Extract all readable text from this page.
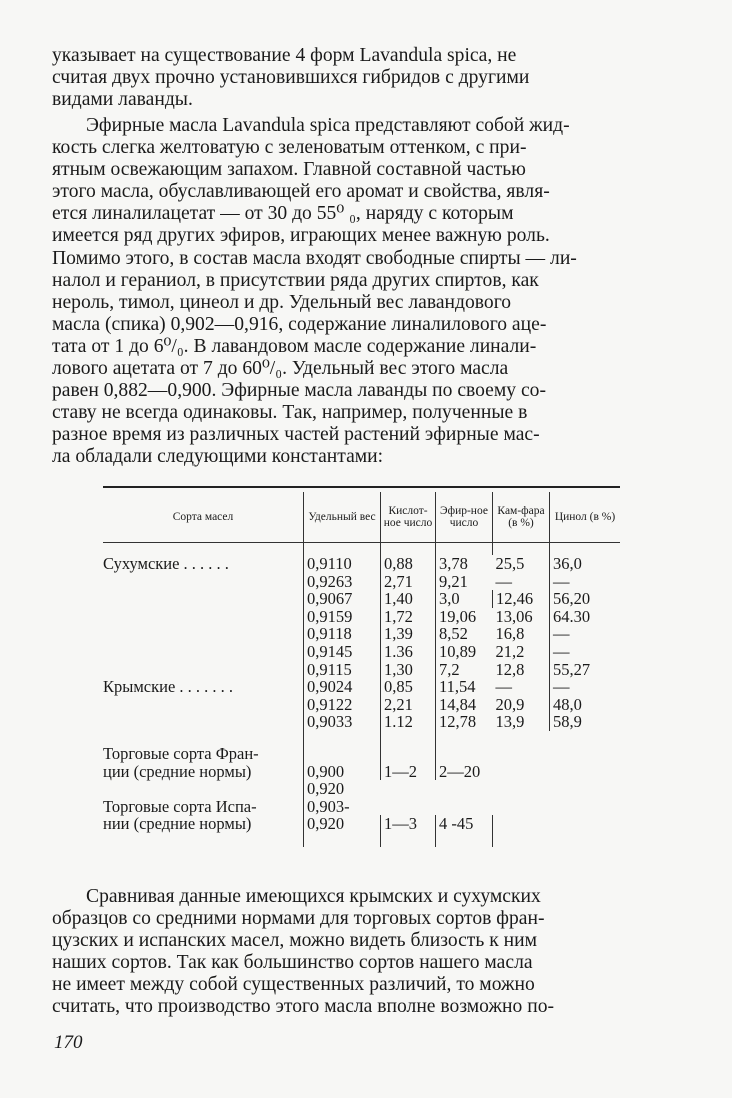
указывает на существование 4 форм Lavandula spica, не
считая двух прочно установившихся гибридов с другими
видами лаванды.
Эфирные масла Lavandula spica представляют собой жид-
кость слегка желтоватую с зеленоватым оттенком, с при-
ятным освежающим запахом. Главной составной частью
этого масла, обуславливающей его аромат и свойства, явля-
ется линалилацетат — от 30 до 55⁰ ₀, наряду с которым
имеется ряд других эфиров, играющих менее важную роль.
Помимо этого, в состав масла входят свободные спирты — ли-
налол и гераниол, в присутствии ряда других спиртов, как
нероль, тимол, цинеол и др. Удельный вес лавандового
масла (спика) 0,902—0,916, содержание линалилового аце-
тата от 1 до 6⁰/₀. В лавандовом масле содержание линали-
лового ацетата от 7 до 60⁰/₀. Удельный вес этого масла
равен 0,882—0,900. Эфирные масла лаванды по своему со-
ставу не всегда одинаковы. Так, например, полученные в
разное время из различных частей растений эфирные мас-
ла обладали следующими константами:
Сорта масел	Удельный вес	Кислот-ное число	Эфир-ное число	Кам-фара (в %)	Цинол (в %)

Сухумские . . . . . .	0,9110	0,88	3,78	25,5	36,0
	0,9263	2,71	9,21	—	—
	0,9067	1,40	3,0	12,46	56,20
	0,9159	1,72	19,06	13,06	64.30
	0,9118	1,39	8,52	16,8	—
	0,9145	1.36	10,89	21,2	—
	0,9115	1,30	7,2	12,8	55,27
Крымские . . . . . . .	0,9024	0,85	11,54	—	—
	0,9122	2,21	14,84	20,9	48,0
	0,9033	1.12	12,78	13,9	58,9

Торговые сорта Фран-					
ции (средние нормы)	0,900	1—2	2—20		
	0,920				
Торговые сорта Испа-	0,903-				
нии (средние нормы)	0,920	1—3	4 -45		

Сравнивая данные имеющихся крымских и сухумских
образцов со средними нормами для торговых сортов фран-
цузских и испанских масел, можно видеть близость к ним
наших сортов. Так как большинство сортов нашего масла
не имеет между собой существенных различий, то можно
считать, что производство этого масла вполне возможно по-
170
